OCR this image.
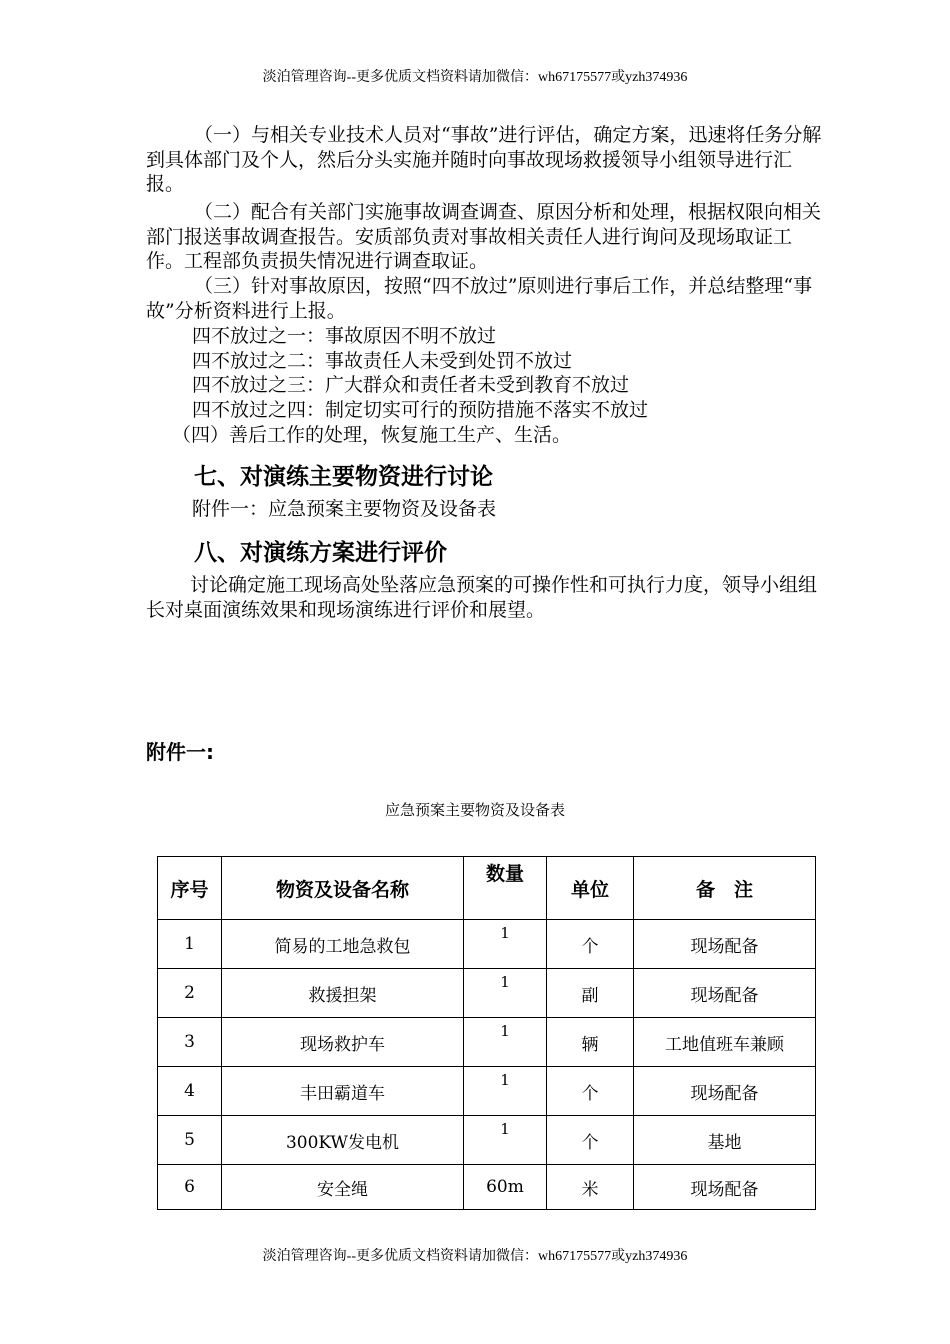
淡泊管理咨询--更多优质文档资料请加微信：wh67175577或yzh374936

（一）与相关专业技术人员对“事故”进行评估，确定方案，迅速将任务分解到具体部门及个人，然后分头实施并随时向事故现场救援领导小组领导进行汇报。

（二）配合有关部门实施事故调查调查、原因分析和处理，根据权限向相关部门报送事故调查报告。安质部负责对事故相关责任人进行询问及现场取证工作。工程部负责损失情况进行调查取证。

（三）针对事故原因，按照“四不放过”原则进行事后工作，并总结整理“事故”分析资料进行上报。

四不放过之一：事故原因不明不放过

四不放过之二：事故责任人未受到处罚不放过

四不放过之三：广大群众和责任者未受到教育不放过

四不放过之四：制定切实可行的预防措施不落实不放过

（四）善后工作的处理，恢复施工生产、生活。

七、对演练主要物资进行讨论

附件一：应急预案主要物资及设备表

八、对演练方案进行评价

讨论确定施工现场高处坠落应急预案的可操作性和可执行力度，领导小组组长对桌面演练效果和现场演练进行评价和展望。

附件一:

应急预案主要物资及设备表
序号	物资及设备名称	数量	单位	备　注
1	简易的工地急救包	1	个	现场配备
2	救援担架	1	副	现场配备
3	现场救护车	1	辆	工地值班车兼顾
4	丰田霸道车	1	个	现场配备
5	300KW发电机	1	个	基地
6	安全绳	60m	米	现场配备
淡泊管理咨询--更多优质文档资料请加微信：wh67175577或yzh374936
